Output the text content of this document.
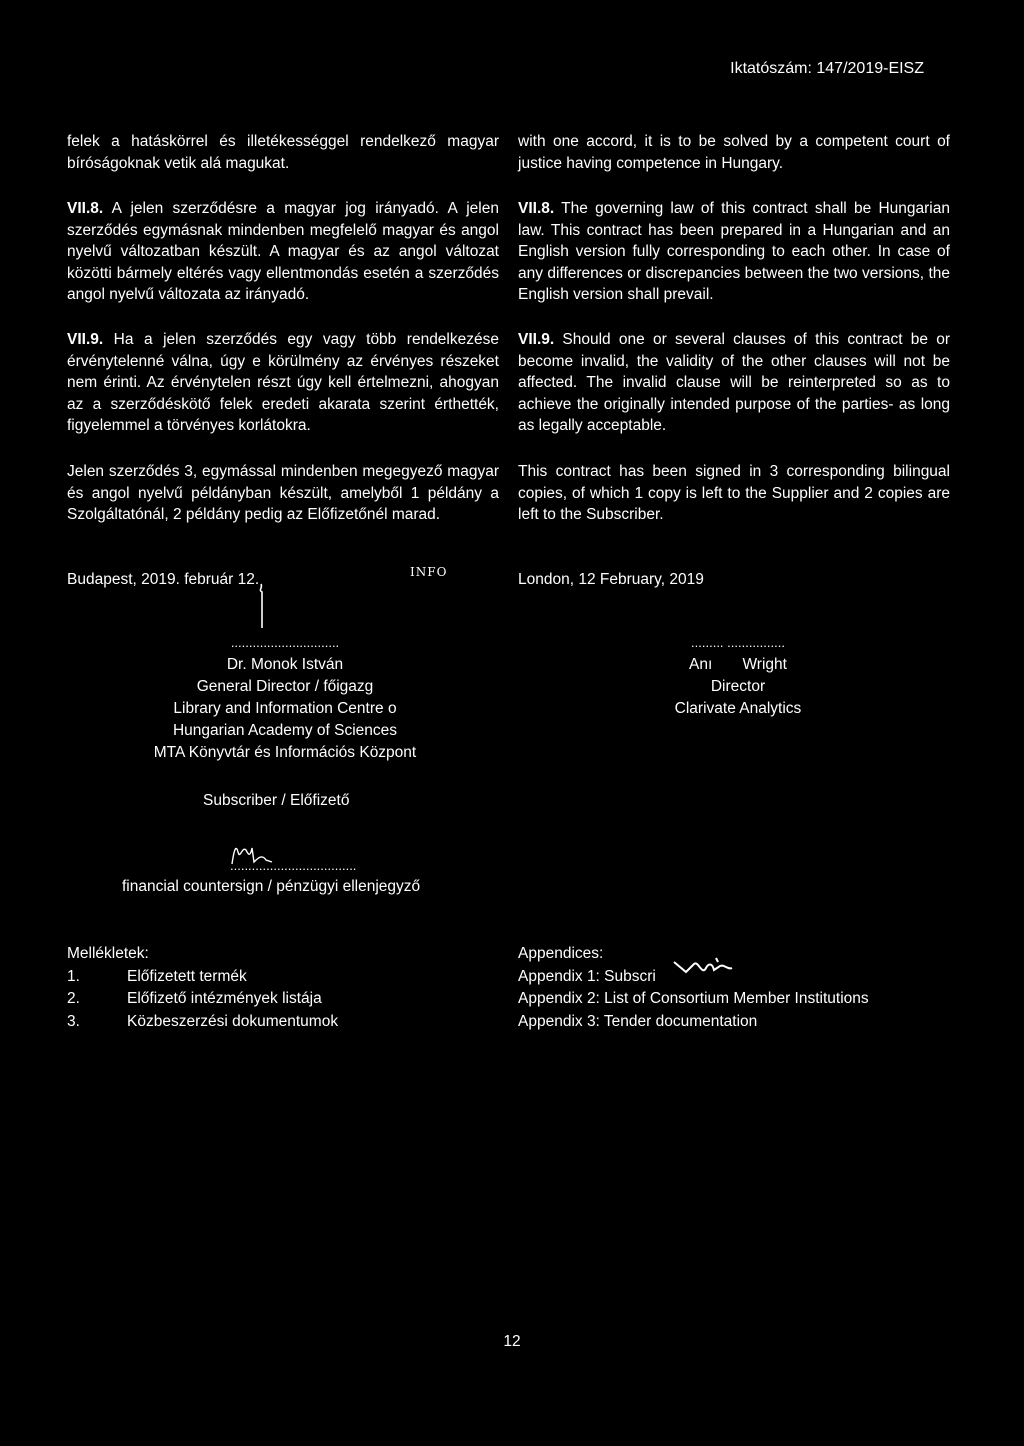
Iktatószám: 147/2019-EISZ

felek a hatáskörrel és illetékességgel rendelkező magyar bíróságoknak vetik alá magukat.

VII.8. A jelen szerződésre a magyar jog irányadó. A jelen szerződés egymásnak mindenben megfelelő magyar és angol nyelvű változatban készült. A magyar és az angol változat közötti bármely eltérés vagy ellentmondás esetén a szerződés angol nyelvű változata az irányadó.

VII.9. Ha a jelen szerződés egy vagy több rendelkezése érvénytelenné válna, úgy e körülmény az érvényes részeket nem érinti. Az érvénytelen részt úgy kell értelmezni, ahogyan az a szerződéskötő felek eredeti akarata szerint érthették, figyelemmel a törvényes korlátokra.

Jelen szerződés 3, egymással mindenben megegyező magyar és angol nyelvű példányban készült, amelyből 1 példány a Szolgáltatónál, 2 példány pedig az Előfizetőnél marad.

Budapest, 2019. február 12.

with one accord, it is to be solved by a competent court of justice having competence in Hungary.

VII.8. The governing law of this contract shall be Hungarian law. This contract has been prepared in a Hungarian and an English version fully corresponding to each other. In case of any differences or discrepancies between the two versions, the English version shall prevail.

VII.9. Should one or several clauses of this contract be or become invalid, the validity of the other clauses will not be affected. The invalid clause will be reinterpreted so as to achieve the originally intended purpose of the parties- as long as legally acceptable.

This contract has been signed in 3 corresponding bilingual copies, of which 1 copy is left to the Supplier and 2 copies are left to the Subscriber.

London, 12 February, 2019
INFO
..............................
Dr. Monok István
General Director / főigazg
Library and Information Centre o
Hungarian Academy of Sciences
MTA Könyvtár és Információs Központ
......... ................
Anı       Wright
Director
Clarivate Analytics
Subscriber / Előfizető
...................................
financial countersign / pénzügyi ellenjegyző
Mellékletek:
1.	Előfizetett termék
2.	Előfizető intézmények listája
3.	Közbeszerzési dokumentumok
Appendices:
Appendix 1: Subscri
Appendix 2: List of Consortium Member Institutions
Appendix 3: Tender documentation
12
